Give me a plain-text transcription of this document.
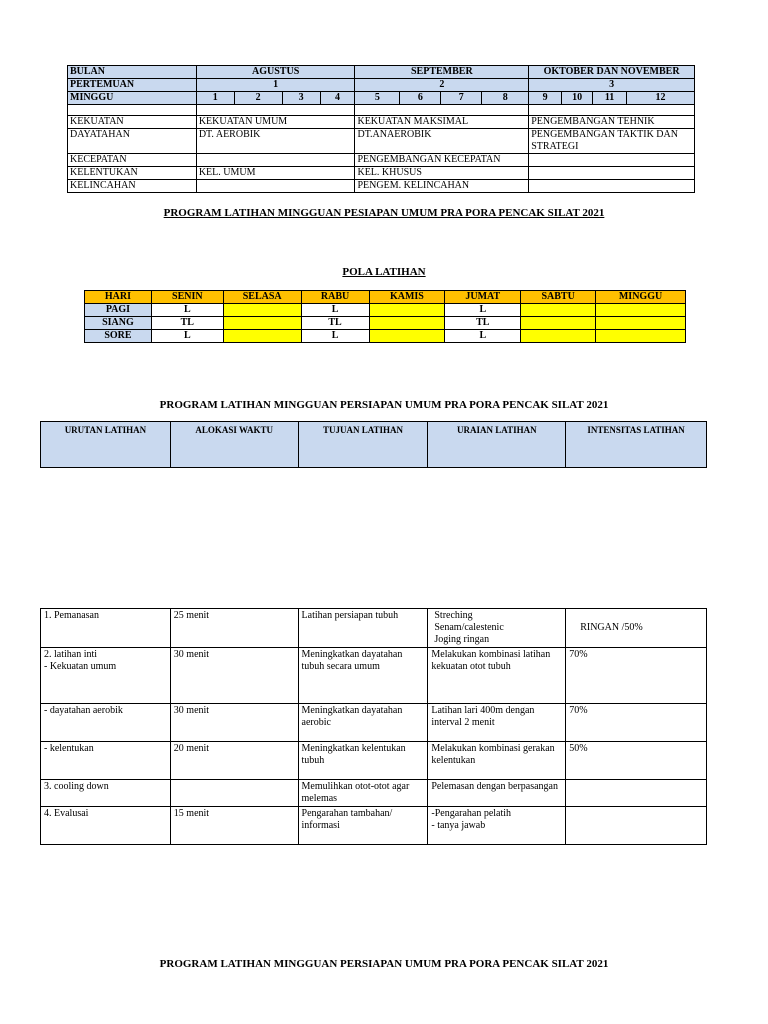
BULAN	AGUSTUS				SEPTEMBER				OKTOBER DAN NOVEMBER			
PERTEMUAN	1				2				3			
MINGGU	1	2	3	4	5	6	7	8	9	10	11	12

KEKUATAN	KEKUATAN UMUM				KEKUATAN MAKSIMAL				PENGEMBANGAN TEHNIK			
DAYATAHAN	DT. AEROBIK				DT.ANAEROBIK				PENGEMBANGAN TAKTIK DAN STRATEGI			
KECEPATAN					PENGEMBANGAN KECEPATAN							
KELENTUKAN	KEL. UMUM				KEL. KHUSUS							
KELINCAHAN					PENGEM. KELINCAHAN							
PROGRAM LATIHAN MINGGUAN PESIAPAN UMUM PRA PORA PENCAK SILAT 2021
POLA LATIHAN
HARI	SENIN	SELASA	RABU	KAMIS	JUMAT	SABTU	MINGGU
PAGI	L		L		L		
SIANG	TL		TL		TL		
SORE	L		L		L		
PROGRAM LATIHAN MINGGUAN PERSIAPAN UMUM PRA PORA PENCAK SILAT 2021
URUTAN LATIHAN	ALOKASI WAKTU	TUJUAN LATIHAN	URAIAN LATIHAN	INTENSITAS LATIHAN
1. Pemanasan	25 menit	Latihan persiapan tubuh	Streching
Senam/calestenic
Joging ringan	RINGAN /50%

2. latihan inti
- Kekuatan umum	30 menit	Meningkatkan dayatahan tubuh secara umum	Melakukan kombinasi latihan kekuatan otot tubuh	70%
- dayatahan aerobik	30 menit	Meningkatkan dayatahan aerobic	Latihan lari 400m dengan interval 2 menit	70%
- kelentukan	20 menit	Meningkatkan kelentukan tubuh	Melakukan kombinasi gerakan kelentukan	50%
3. cooling down		Memulihkan otot-otot agar melemas	Pelemasan dengan berpasangan	
4. Evalusai	15 menit	Pengarahan tambahan/ informasi	-Pengarahan pelatih
- tanya jawab	

PROGRAM LATIHAN MINGGUAN PERSIAPAN UMUM PRA PORA PENCAK SILAT 2021
